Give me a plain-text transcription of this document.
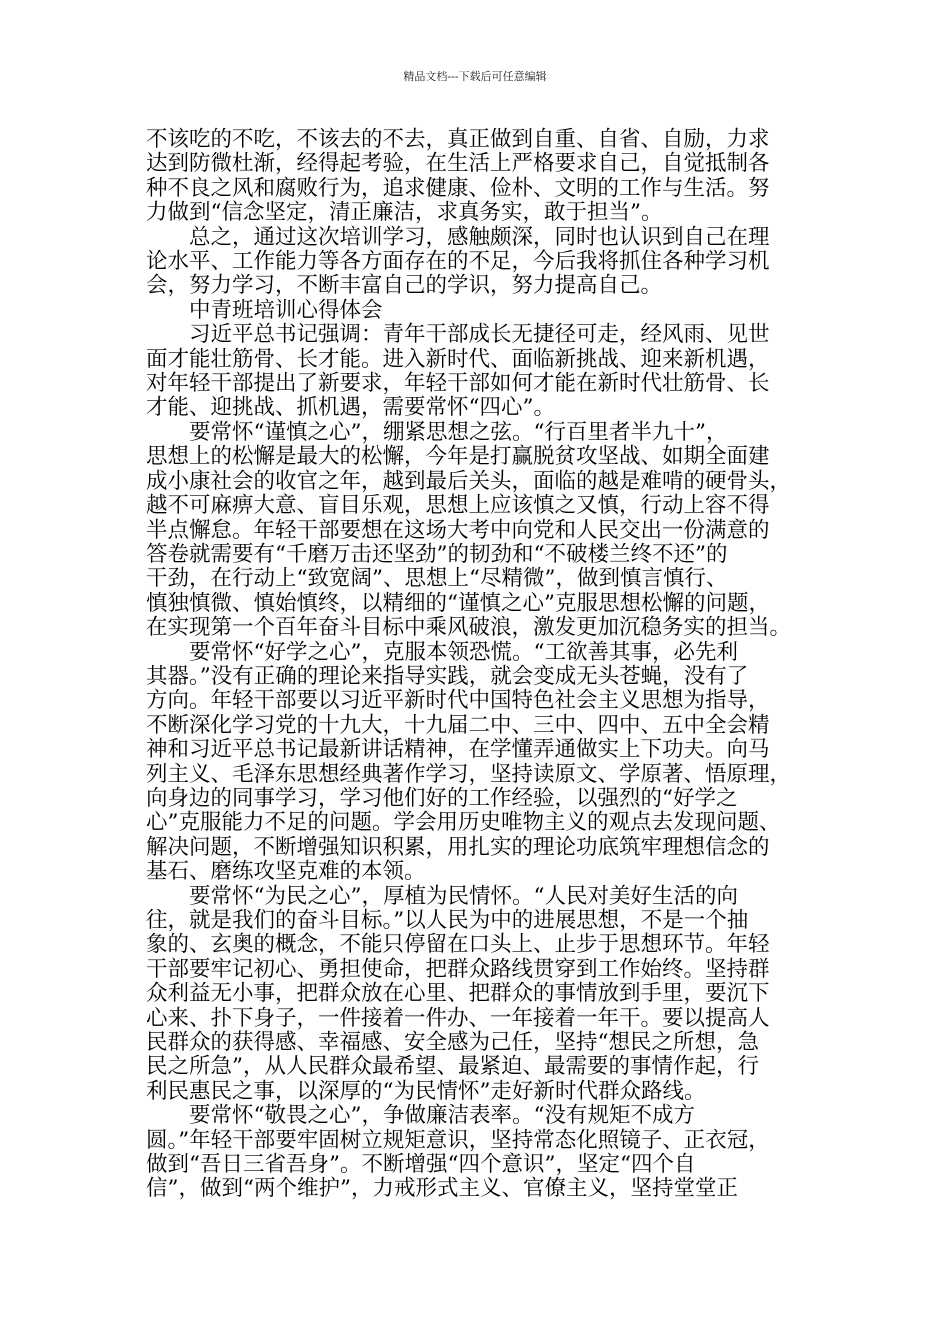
精品文档---下载后可任意编辑

不该吃的不吃，不该去的不去，真正做到自重、自省、自励，力求
达到防微杜渐，经得起考验，在生活上严格要求自己，自觉抵制各
种不良之风和腐败行为，追求健康、俭朴、文明的工作与生活。努
力做到“信念坚定，清正廉洁，求真务实，敢于担当”。
　　总之，通过这次培训学习，感触颇深，同时也认识到自己在理
论水平、工作能力等各方面存在的不足，今后我将抓住各种学习机
会，努力学习，不断丰富自己的学识，努力提高自己。
　　中青班培训心得体会
　　习近平总书记强调：青年干部成长无捷径可走，经风雨、见世
面才能壮筋骨、长才能。进入新时代、面临新挑战、迎来新机遇，
对年轻干部提出了新要求，年轻干部如何才能在新时代壮筋骨、长
才能、迎挑战、抓机遇，需要常怀“四心”。
　　要常怀“谨慎之心”，绷紧思想之弦。“行百里者半九十”，
思想上的松懈是最大的松懈，今年是打赢脱贫攻坚战、如期全面建
成小康社会的收官之年，越到最后关头，面临的越是难啃的硬骨头，
越不可麻痹大意、盲目乐观，思想上应该慎之又慎，行动上容不得
半点懈怠。年轻干部要想在这场大考中向党和人民交出一份满意的
答卷就需要有“千磨万击还坚劲”的韧劲和“不破楼兰终不还”的
干劲，在行动上“致宽阔”、思想上“尽精微”，做到慎言慎行、
慎独慎微、慎始慎终，以精细的“谨慎之心”克服思想松懈的问题，
在实现第一个百年奋斗目标中乘风破浪，激发更加沉稳务实的担当。
　　要常怀“好学之心”，克服本领恐慌。“工欲善其事，必先利
其器。”没有正确的理论来指导实践，就会变成无头苍蝇，没有了
方向。年轻干部要以习近平新时代中国特色社会主义思想为指导，
不断深化学习党的十九大，十九届二中、三中、四中、五中全会精
神和习近平总书记最新讲话精神，在学懂弄通做实上下功夫。向马
列主义、毛泽东思想经典著作学习，坚持读原文、学原著、悟原理，
向身边的同事学习，学习他们好的工作经验，以强烈的“好学之
心”克服能力不足的问题。学会用历史唯物主义的观点去发现问题、
解决问题，不断增强知识积累，用扎实的理论功底筑牢理想信念的
基石、磨练攻坚克难的本领。
　　要常怀“为民之心”，厚植为民情怀。“人民对美好生活的向
往，就是我们的奋斗目标。”以人民为中的进展思想，不是一个抽
象的、玄奥的概念，不能只停留在口头上、止步于思想环节。年轻
干部要牢记初心、勇担使命，把群众路线贯穿到工作始终。坚持群
众利益无小事，把群众放在心里、把群众的事情放到手里，要沉下
心来、扑下身子，一件接着一件办、一年接着一年干。要以提高人
民群众的获得感、幸福感、安全感为己任，坚持“想民之所想，急
民之所急”，从人民群众最希望、最紧迫、最需要的事情作起，行
利民惠民之事，以深厚的“为民情怀”走好新时代群众路线。
　　要常怀“敬畏之心”，争做廉洁表率。“没有规矩不成方
圆。”年轻干部要牢固树立规矩意识，坚持常态化照镜子、正衣冠，
做到“吾日三省吾身”。不断增强“四个意识”，坚定“四个自
信”，做到“两个维护”，力戒形式主义、官僚主义，坚持堂堂正
